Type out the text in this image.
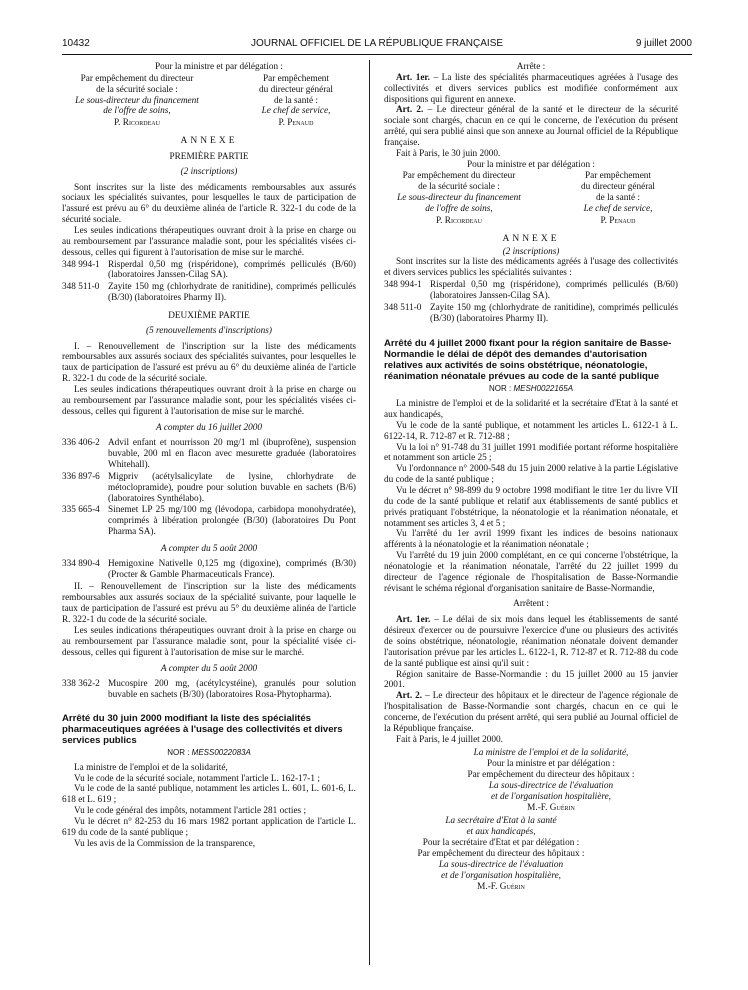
10432	JOURNAL OFFICIEL DE LA RÉPUBLIQUE FRANÇAISE	9 juillet 2000

Pour la ministre et par délégation :

Par empêchement du directeur
de la sécurité sociale :
Le sous-directeur du financement
de l'offre de soins,
P. Ricordeau
Par empêchement
du directeur général
de la santé :
Le chef de service,
P. Penaud
ANNEXE
PREMIÈRE PARTIE
(2 inscriptions)

Sont inscrites sur la liste des médicaments remboursables aux assurés sociaux les spécialités suivantes, pour lesquelles le taux de participation de l'assuré est prévu au 6° du deuxième alinéa de l'article R. 322-1 du code de la sécurité sociale.

Les seules indications thérapeutiques ouvrant droit à la prise en charge ou au remboursement par l'assurance maladie sont, pour les spécialités visées ci-dessous, celles qui figurent à l'autorisation de mise sur le marché.

348 994-1 Risperdal 0,50 mg (rispéridone), comprimés pelliculés (B/60) (laboratoires Janssen-Cilag SA).
348 511-0 Zayite 150 mg (chlorhydrate de ranitidine), comprimés pelliculés (B/30) (laboratoires Pharmy II).
DEUXIÈME PARTIE
(5 renouvellements d'inscriptions)

I. – Renouvellement de l'inscription sur la liste des médicaments remboursables aux assurés sociaux des spécialités suivantes, pour lesquelles le taux de participation de l'assuré est prévu au 6° du deuxième alinéa de l'article R. 322-1 du code de la sécurité sociale.

Les seules indications thérapeutiques ouvrant droit à la prise en charge ou au remboursement par l'assurance maladie sont, pour les spécialités visées ci-dessous, celles qui figurent à l'autorisation de mise sur le marché.

A compter du 16 juillet 2000
336 406-2 Advil enfant et nourrisson 20 mg/1 ml (ibuprofène), suspension buvable, 200 ml en flacon avec mesurette graduée (laboratoires Whitehall).
336 897-6 Migpriv (acétylsalicylate de lysine, chlorhydrate de métoclopramide), poudre pour solution buvable en sachets (B/6) (laboratoires Synthélabo).
335 665-4 Sinemet LP 25 mg/100 mg (lévodopa, carbidopa monohydratée), comprimés à libération prolongée (B/30) (laboratoires Du Pont Pharma SA).
A compter du 5 août 2000
334 890-4 Hemigoxine Nativelle 0,125 mg (digoxine), comprimés (B/30) (Procter & Gamble Pharmaceuticals France).

II. – Renouvellement de l'inscription sur la liste des médicaments remboursables aux assurés sociaux de la spécialité suivante, pour laquelle le taux de participation de l'assuré est prévu au 5° du deuxième alinéa de l'article R. 322-1 du code de la sécurité sociale.

Les seules indications thérapeutiques ouvrant droit à la prise en charge ou au remboursement par l'assurance maladie sont, pour la spécialité visée ci-dessous, celles qui figurent à l'autorisation de mise sur le marché.

A compter du 5 août 2000
338 362-2 Mucospire 200 mg, (acétylcystéine), granulés pour solution buvable en sachets (B/30) (laboratoires Rosa-Phytopharma).
Arrêté du 30 juin 2000 modifiant la liste des spécialités pharmaceutiques agréées à l'usage des collectivités et divers services publics
NOR : MESS0022083A

La ministre de l'emploi et de la solidarité,

Vu le code de la sécurité sociale, notamment l'article L. 162-17-1 ;

Vu le code de la santé publique, notamment les articles L. 601, L. 601-6, L. 618 et L. 619 ;

Vu le code général des impôts, notamment l'article 281 octies ;

Vu le décret n° 82-253 du 16 mars 1982 portant application de l'article L. 619 du code de la santé publique ;

Vu les avis de la Commission de la transparence,

Arrête :

Art. 1er. – La liste des spécialités pharmaceutiques agréées à l'usage des collectivités et divers services publics est modifiée conformément aux dispositions qui figurent en annexe.

Art. 2. – Le directeur général de la santé et le directeur de la sécurité sociale sont chargés, chacun en ce qui le concerne, de l'exécution du présent arrêté, qui sera publié ainsi que son annexe au Journal officiel de la République française.

Fait à Paris, le 30 juin 2000.

Pour la ministre et par délégation :

Par empêchement du directeur
de la sécurité sociale :
Le sous-directeur du financement
de l'offre de soins,
P. Ricordeau
Par empêchement
du directeur général
de la santé :
Le chef de service,
P. Penaud
ANNEXE
(2 inscriptions)

Sont inscrites sur la liste des médicaments agréés à l'usage des collectivités et divers services publics les spécialités suivantes :

348 994-1 Risperdal 0,50 mg (rispéridone), comprimés pelliculés (B/60) (laboratoires Janssen-Cilag SA).
348 511-0 Zayite 150 mg (chlorhydrate de ranitidine), comprimés pelliculés (B/30) (laboratoires Pharmy II).
Arrêté du 4 juillet 2000 fixant pour la région sanitaire de Basse-Normandie le délai de dépôt des demandes d'autorisation relatives aux activités de soins obstétrique, néonatologie, réanimation néonatale prévues au code de la santé publique
NOR : MESH0022165A

La ministre de l'emploi et de la solidarité et la secrétaire d'Etat à la santé et aux handicapés,

Vu le code de la santé publique, et notamment les articles L. 6122-1 à L. 6122-14, R. 712-87 et R. 712-88 ;

Vu la loi n° 91-748 du 31 juillet 1991 modifiée portant réforme hospitalière et notamment son article 25 ;

Vu l'ordonnance n° 2000-548 du 15 juin 2000 relative à la partie Législative du code de la santé publique ;

Vu le décret n° 98-899 du 9 octobre 1998 modifiant le titre 1er du livre VII du code de la santé publique et relatif aux établissements de santé publics et privés pratiquant l'obstétrique, la néonatologie et la réanimation néonatale, et notamment ses articles 3, 4 et 5 ;

Vu l'arrêté du 1er avril 1999 fixant les indices de besoins nationaux afférents à la néonatologie et la réanimation néonatale ;

Vu l'arrêté du 19 juin 2000 complétant, en ce qui concerne l'obstétrique, la néonatologie et la réanimation néonatale, l'arrêté du 22 juillet 1999 du directeur de l'agence régionale de l'hospitalisation de Basse-Normandie révisant le schéma régional d'organisation sanitaire de Basse-Normandie,

Arrêtent :

Art. 1er. – Le délai de six mois dans lequel les établissements de santé désireux d'exercer ou de poursuivre l'exercice d'une ou plusieurs des activités de soins obstétrique, néonatologie, réanimation néonatale doivent demander l'autorisation prévue par les articles L. 6122-1, R. 712-87 et R. 712-88 du code de la santé publique est ainsi qu'il suit :

Région sanitaire de Basse-Normandie : du 15 juillet 2000 au 15 janvier 2001.

Art. 2. – Le directeur des hôpitaux et le directeur de l'agence régionale de l'hospitalisation de Basse-Normandie sont chargés, chacun en ce qui le concerne, de l'exécution du présent arrêté, qui sera publié au Journal officiel de la République française.

Fait à Paris, le 4 juillet 2000.

La ministre de l'emploi et de la solidarité,
Pour la ministre et par délégation :
Par empêchement du directeur des hôpitaux :
La sous-directrice de l'évaluation
et de l'organisation hospitalière,
M.-F. Guérin
La secrétaire d'Etat à la santé
et aux handicapés,
Pour la secrétaire d'Etat et par délégation :
Par empêchement du directeur des hôpitaux :
La sous-directrice de l'évaluation
et de l'organisation hospitalière,
M.-F. Guérin
